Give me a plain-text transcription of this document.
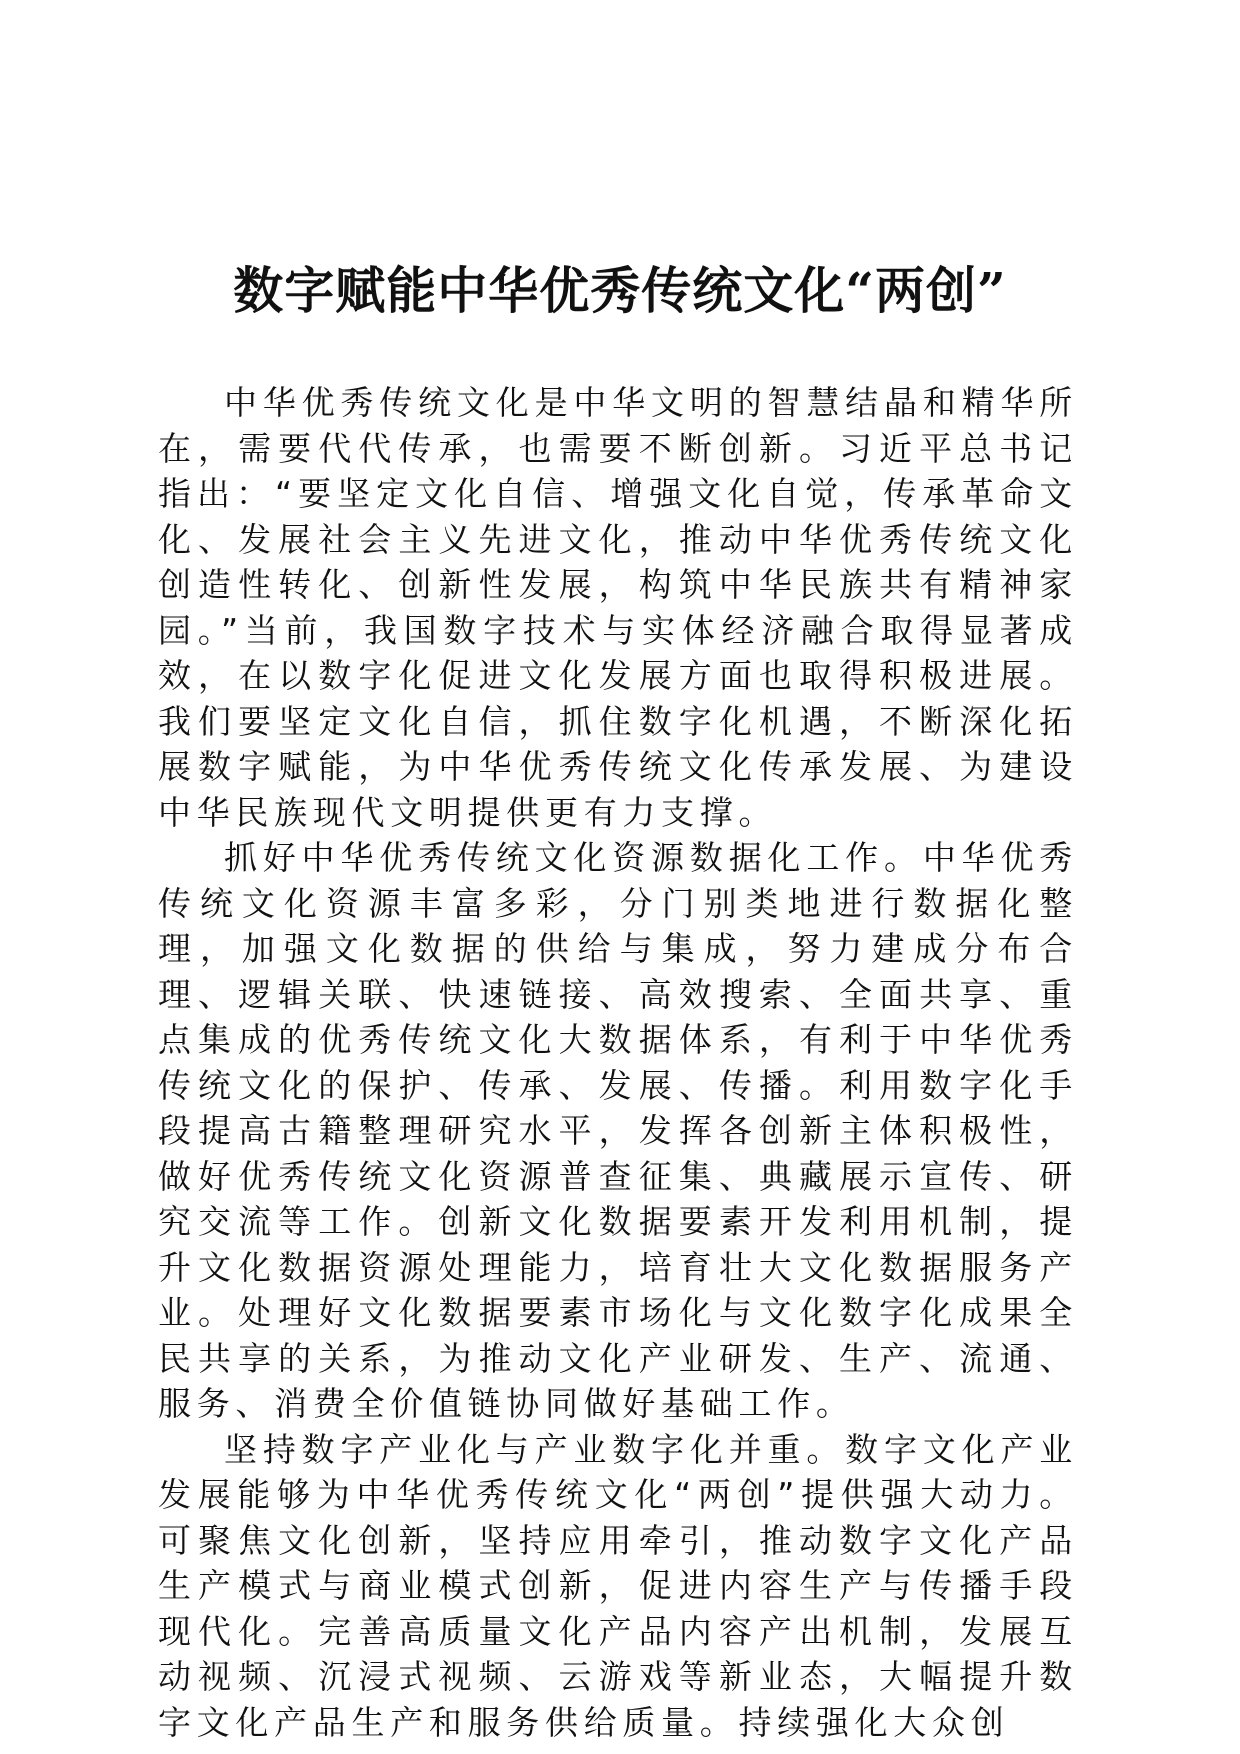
数字赋能中华优秀传统文化“两创”

中华优秀传统文化是中华文明的智慧结晶和精华所在，需要代代传承，也需要不断创新。习近平总书记指出：“要坚定文化自信、增强文化自觉，传承革命文化、发展社会主义先进文化，推动中华优秀传统文化创造性转化、创新性发展，构筑中华民族共有精神家园。”当前，我国数字技术与实体经济融合取得显著成效，在以数字化促进文化发展方面也取得积极进展。我们要坚定文化自信，抓住数字化机遇，不断深化拓展数字赋能，为中华优秀传统文化传承发展、为建设中华民族现代文明提供更有力支撑。

抓好中华优秀传统文化资源数据化工作。中华优秀传统文化资源丰富多彩，分门别类地进行数据化整理，加强文化数据的供给与集成，努力建成分布合理、逻辑关联、快速链接、高效搜索、全面共享、重点集成的优秀传统文化大数据体系，有利于中华优秀传统文化的保护、传承、发展、传播。利用数字化手段提高古籍整理研究水平，发挥各创新主体积极性，做好优秀传统文化资源普查征集、典藏展示宣传、研究交流等工作。创新文化数据要素开发利用机制，提升文化数据资源处理能力，培育壮大文化数据服务产业。处理好文化数据要素市场化与文化数字化成果全民共享的关系，为推动文化产业研发、生产、流通、服务、消费全价值链协同做好基础工作。

坚持数字产业化与产业数字化并重。数字文化产业发展能够为中华优秀传统文化“两创”提供强大动力。可聚焦文化创新，坚持应用牵引，推动数字文化产品生产模式与商业模式创新，促进内容生产与传播手段现代化。完善高质量文化产品内容产出机制，发展互动视频、沉浸式视频、云游戏等新业态，大幅提升数字文化产品生产和服务供给质量。持续强化大众创
